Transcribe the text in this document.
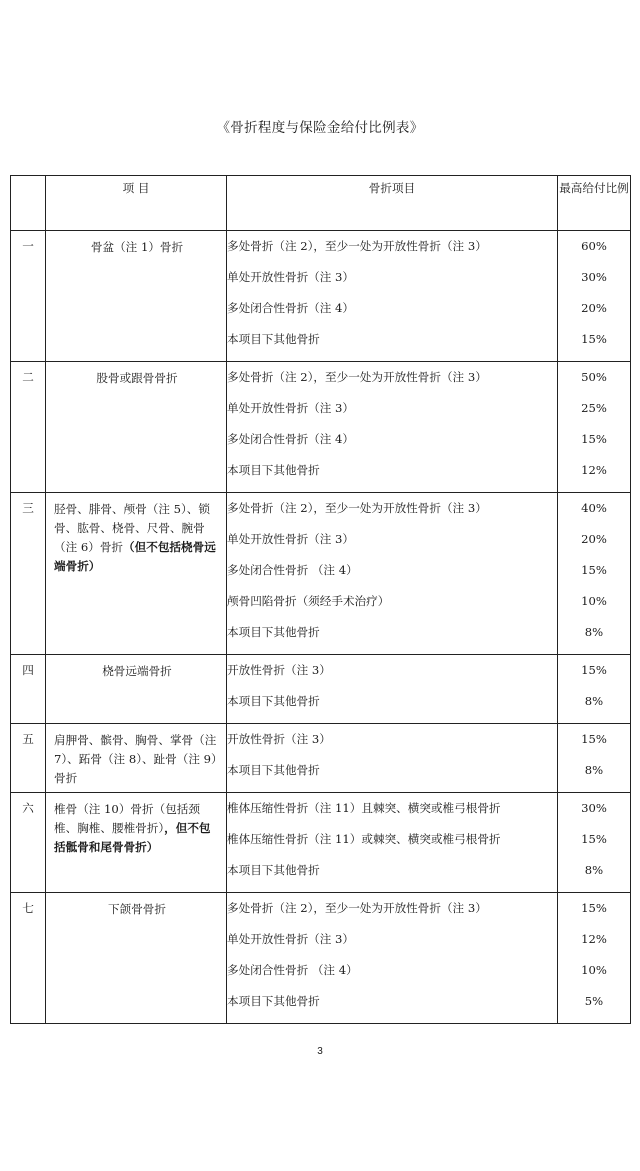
《骨折程度与保险金给付比例表》
	项 目	骨折项目	最高给付比例
一	骨盆（注 1）骨折	多处骨折（注 2），至少一处为开放性骨折（注 3）	60%
		单处开放性骨折（注 3）	30%
		多处闭合性骨折（注 4）	20%
		本项目下其他骨折	15%

二	股骨或跟骨骨折	多处骨折（注 2），至少一处为开放性骨折（注 3）	50%
		单处开放性骨折（注 3）	25%
		多处闭合性骨折（注 4）	15%
		本项目下其他骨折	12%

三	胫骨、腓骨、颅骨（注 5）、锁骨、肱骨、桡骨、尺骨、腕骨（注 6）骨折（但不包括桡骨远端骨折）	多处骨折（注 2），至少一处为开放性骨折（注 3）	40%
		单处开放性骨折（注 3）	20%
		多处闭合性骨折 （注 4）	15%
		颅骨凹陷骨折（须经手术治疗）	10%
		本项目下其他骨折	8%

四	桡骨远端骨折	开放性骨折（注 3）	15%
		本项目下其他骨折	8%

五	肩胛骨、髌骨、胸骨、掌骨（注 7）、跖骨（注 8）、趾骨（注 9）骨折	开放性骨折（注 3）	15%
		本项目下其他骨折	8%

六	椎骨（注 10）骨折（包括颈椎、胸椎、腰椎骨折），但不包括骶骨和尾骨骨折）	椎体压缩性骨折（注 11）且棘突、横突或椎弓根骨折	30%
		椎体压缩性骨折（注 11）或棘突、横突或椎弓根骨折	15%
		本项目下其他骨折	8%

七	下颌骨骨折	多处骨折（注 2），至少一处为开放性骨折（注 3）	15%
		单处开放性骨折（注 3）	12%
		多处闭合性骨折 （注 4）	10%
		本项目下其他骨折	5%

3
